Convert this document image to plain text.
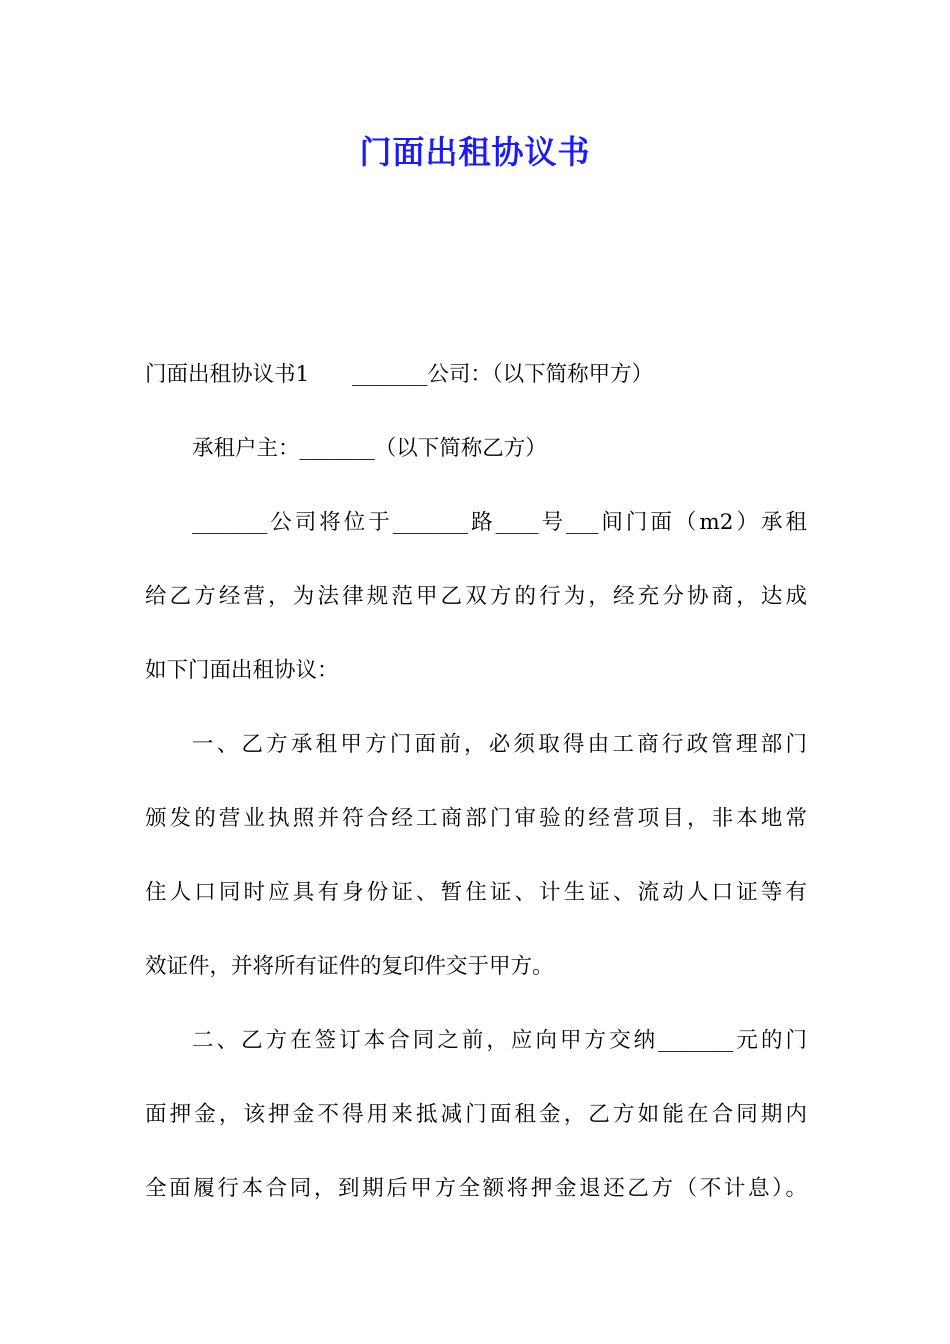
门面出租协议书
门面出租协议书1　　_______公司：（以下简称甲方）
承租户主：_______（以下简称乙方）
_______公司将位于_______路____号___间门面（m2）承租
给乙方经营，为法律规范甲乙双方的行为，经充分协商，达成
如下门面出租协议：
一、乙方承租甲方门面前，必须取得由工商行政管理部门
颁发的营业执照并符合经工商部门审验的经营项目，非本地常
住人口同时应具有身份证、暂住证、计生证、流动人口证等有
效证件，并将所有证件的复印件交于甲方。
二、乙方在签订本合同之前，应向甲方交纳_______元的门
面押金，该押金不得用来抵减门面租金，乙方如能在合同期内
全面履行本合同，到期后甲方全额将押金退还乙方（不计息）。
